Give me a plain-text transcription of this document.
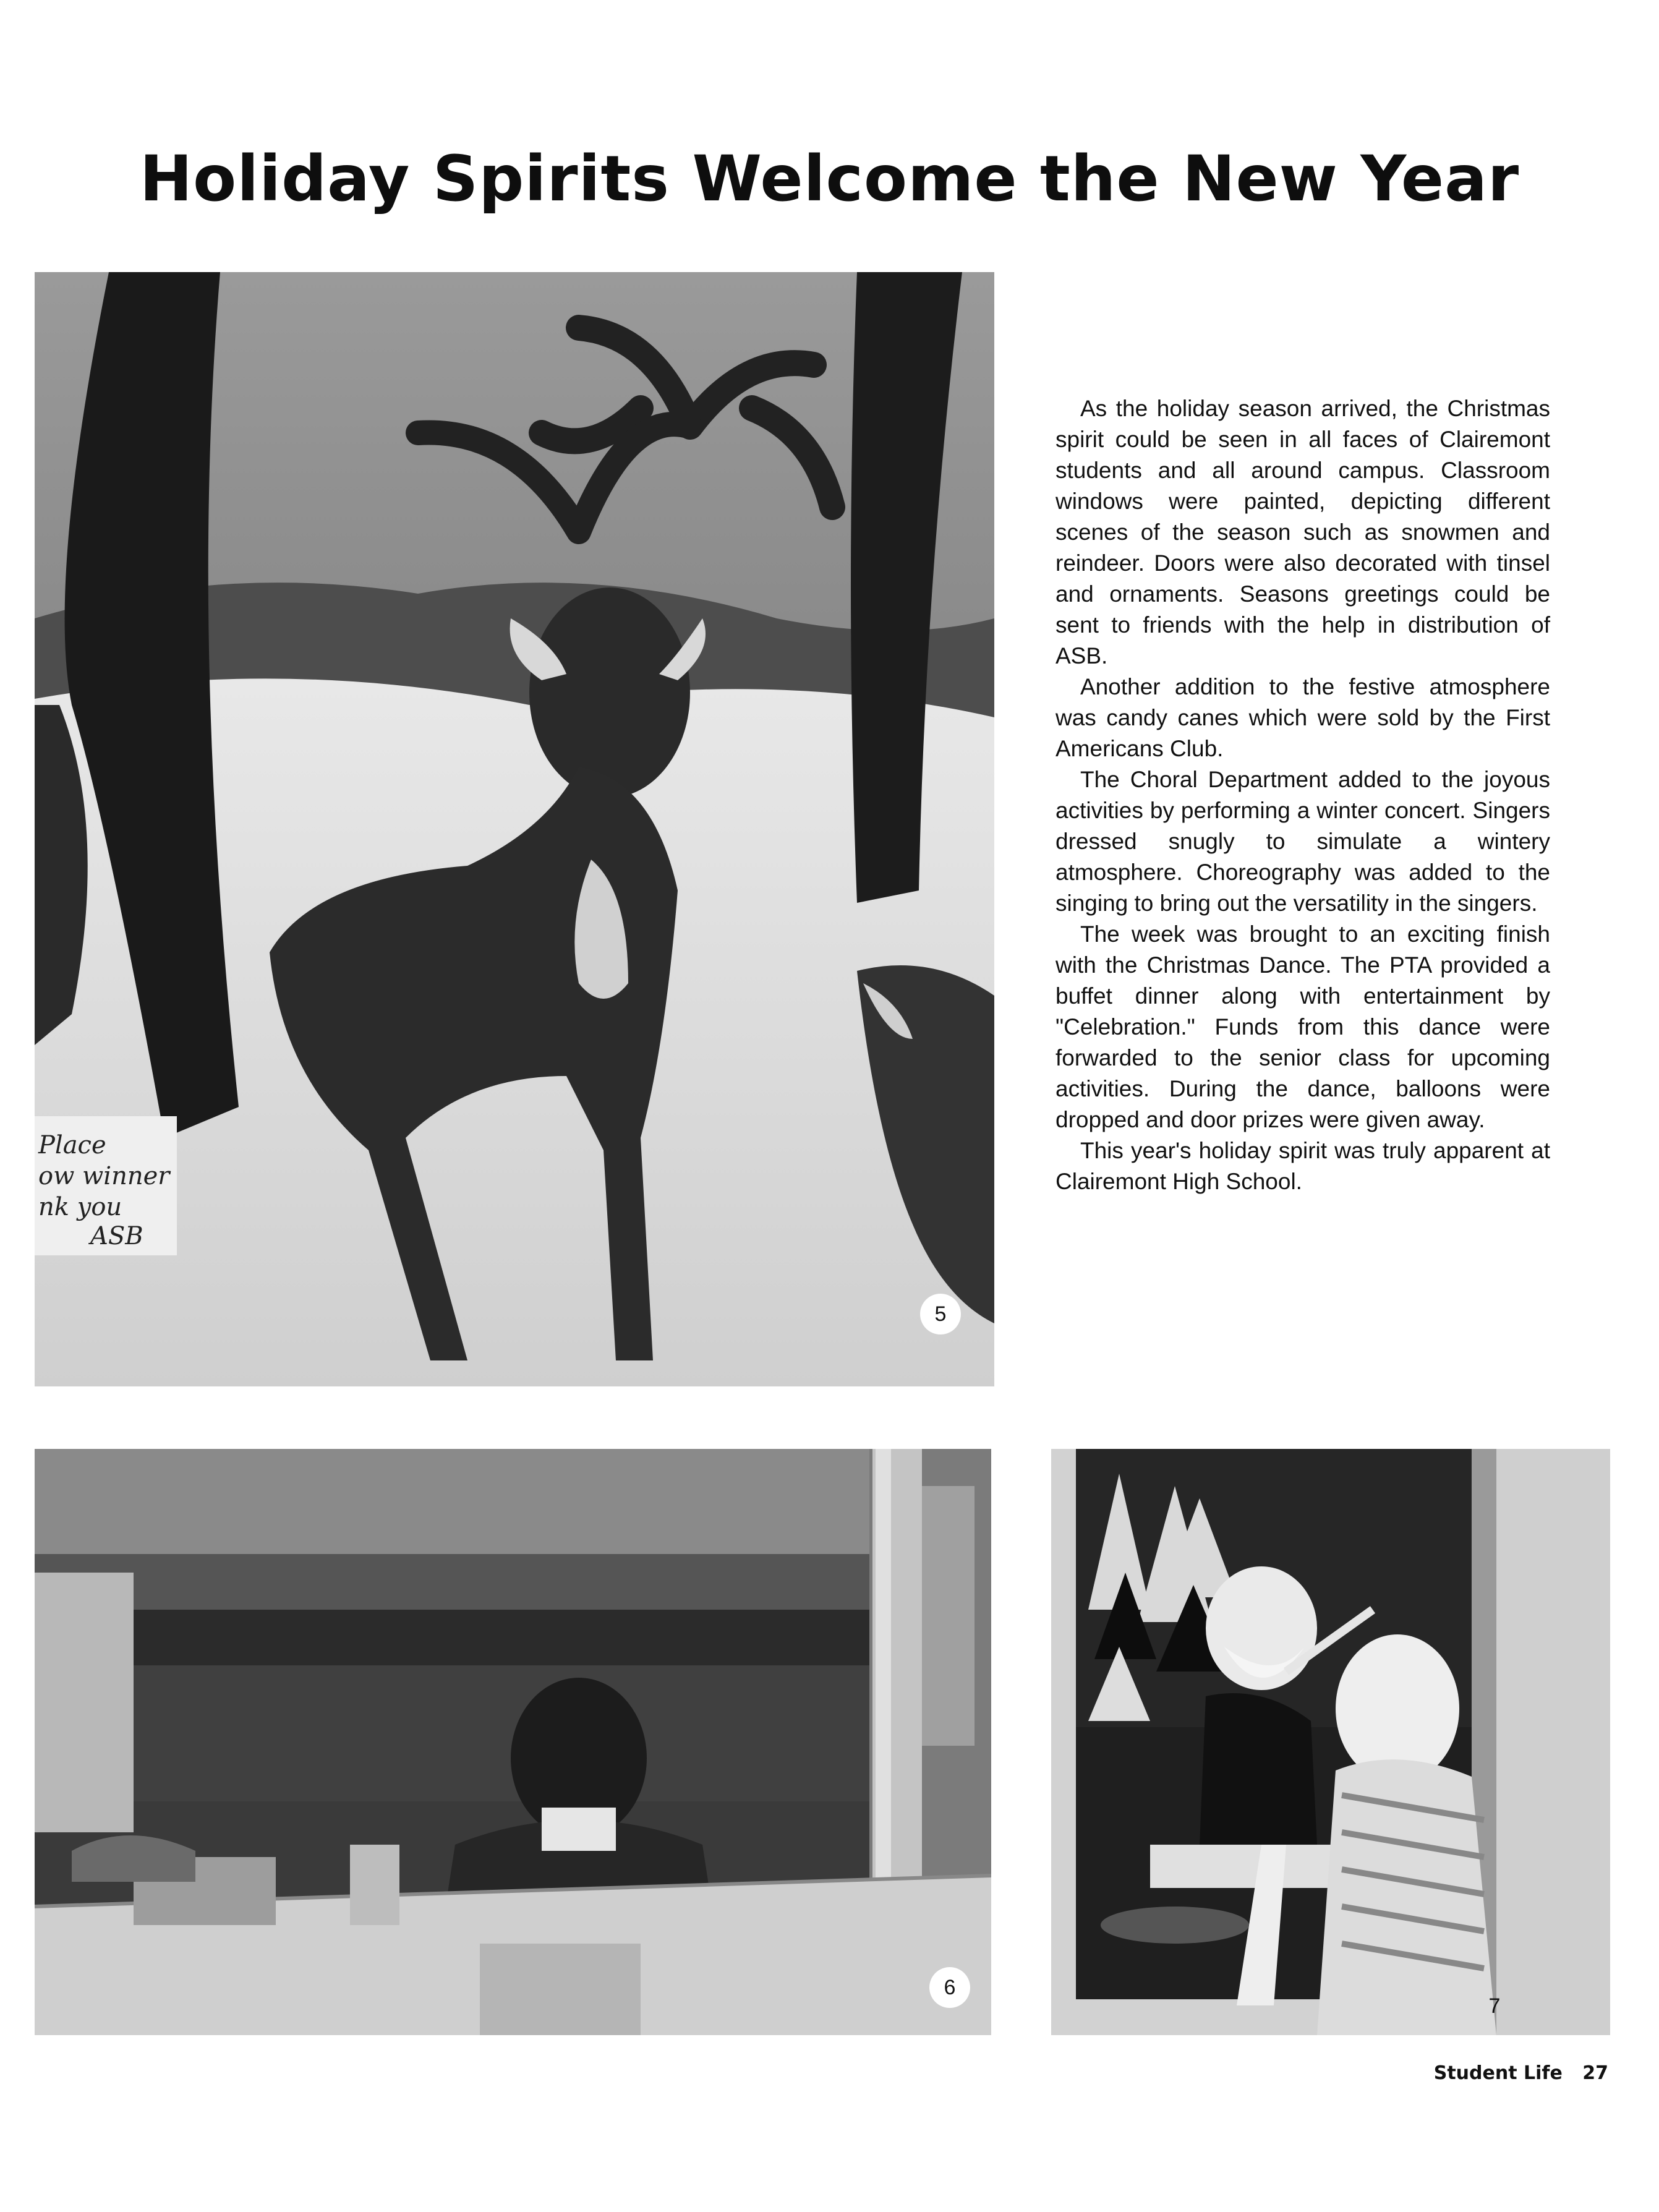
Holiday Spirits Welcome the New Year
Place
ow winner
nk you
ASB
5

As the holiday season arrived, the Christmas spirit could be seen in all faces of Clairemont students and all around campus. Classroom windows were painted, depicting different scenes of the season such as snowmen and reindeer. Doors were also decorated with tinsel and ornaments. Seasons greetings could be sent to friends with the help in distribution of ASB.

Another addition to the festive atmosphere was candy canes which were sold by the First Americans Club.

The Choral Department added to the joyous activities by performing a winter concert. Singers dressed snugly to simulate a wintery atmosphere. Choreography was added to the singing to bring out the versatility in the singers.

The week was brought to an exciting finish with the Christmas Dance. The PTA provided a buffet dinner along with entertainment by "Celebration." Funds from this dance were forwarded to the senior class for upcoming activities. During the dance, balloons were dropped and door prizes were given away.

This year's holiday spirit was truly apparent at Clairemont High School.

6
7
Student Life 27
